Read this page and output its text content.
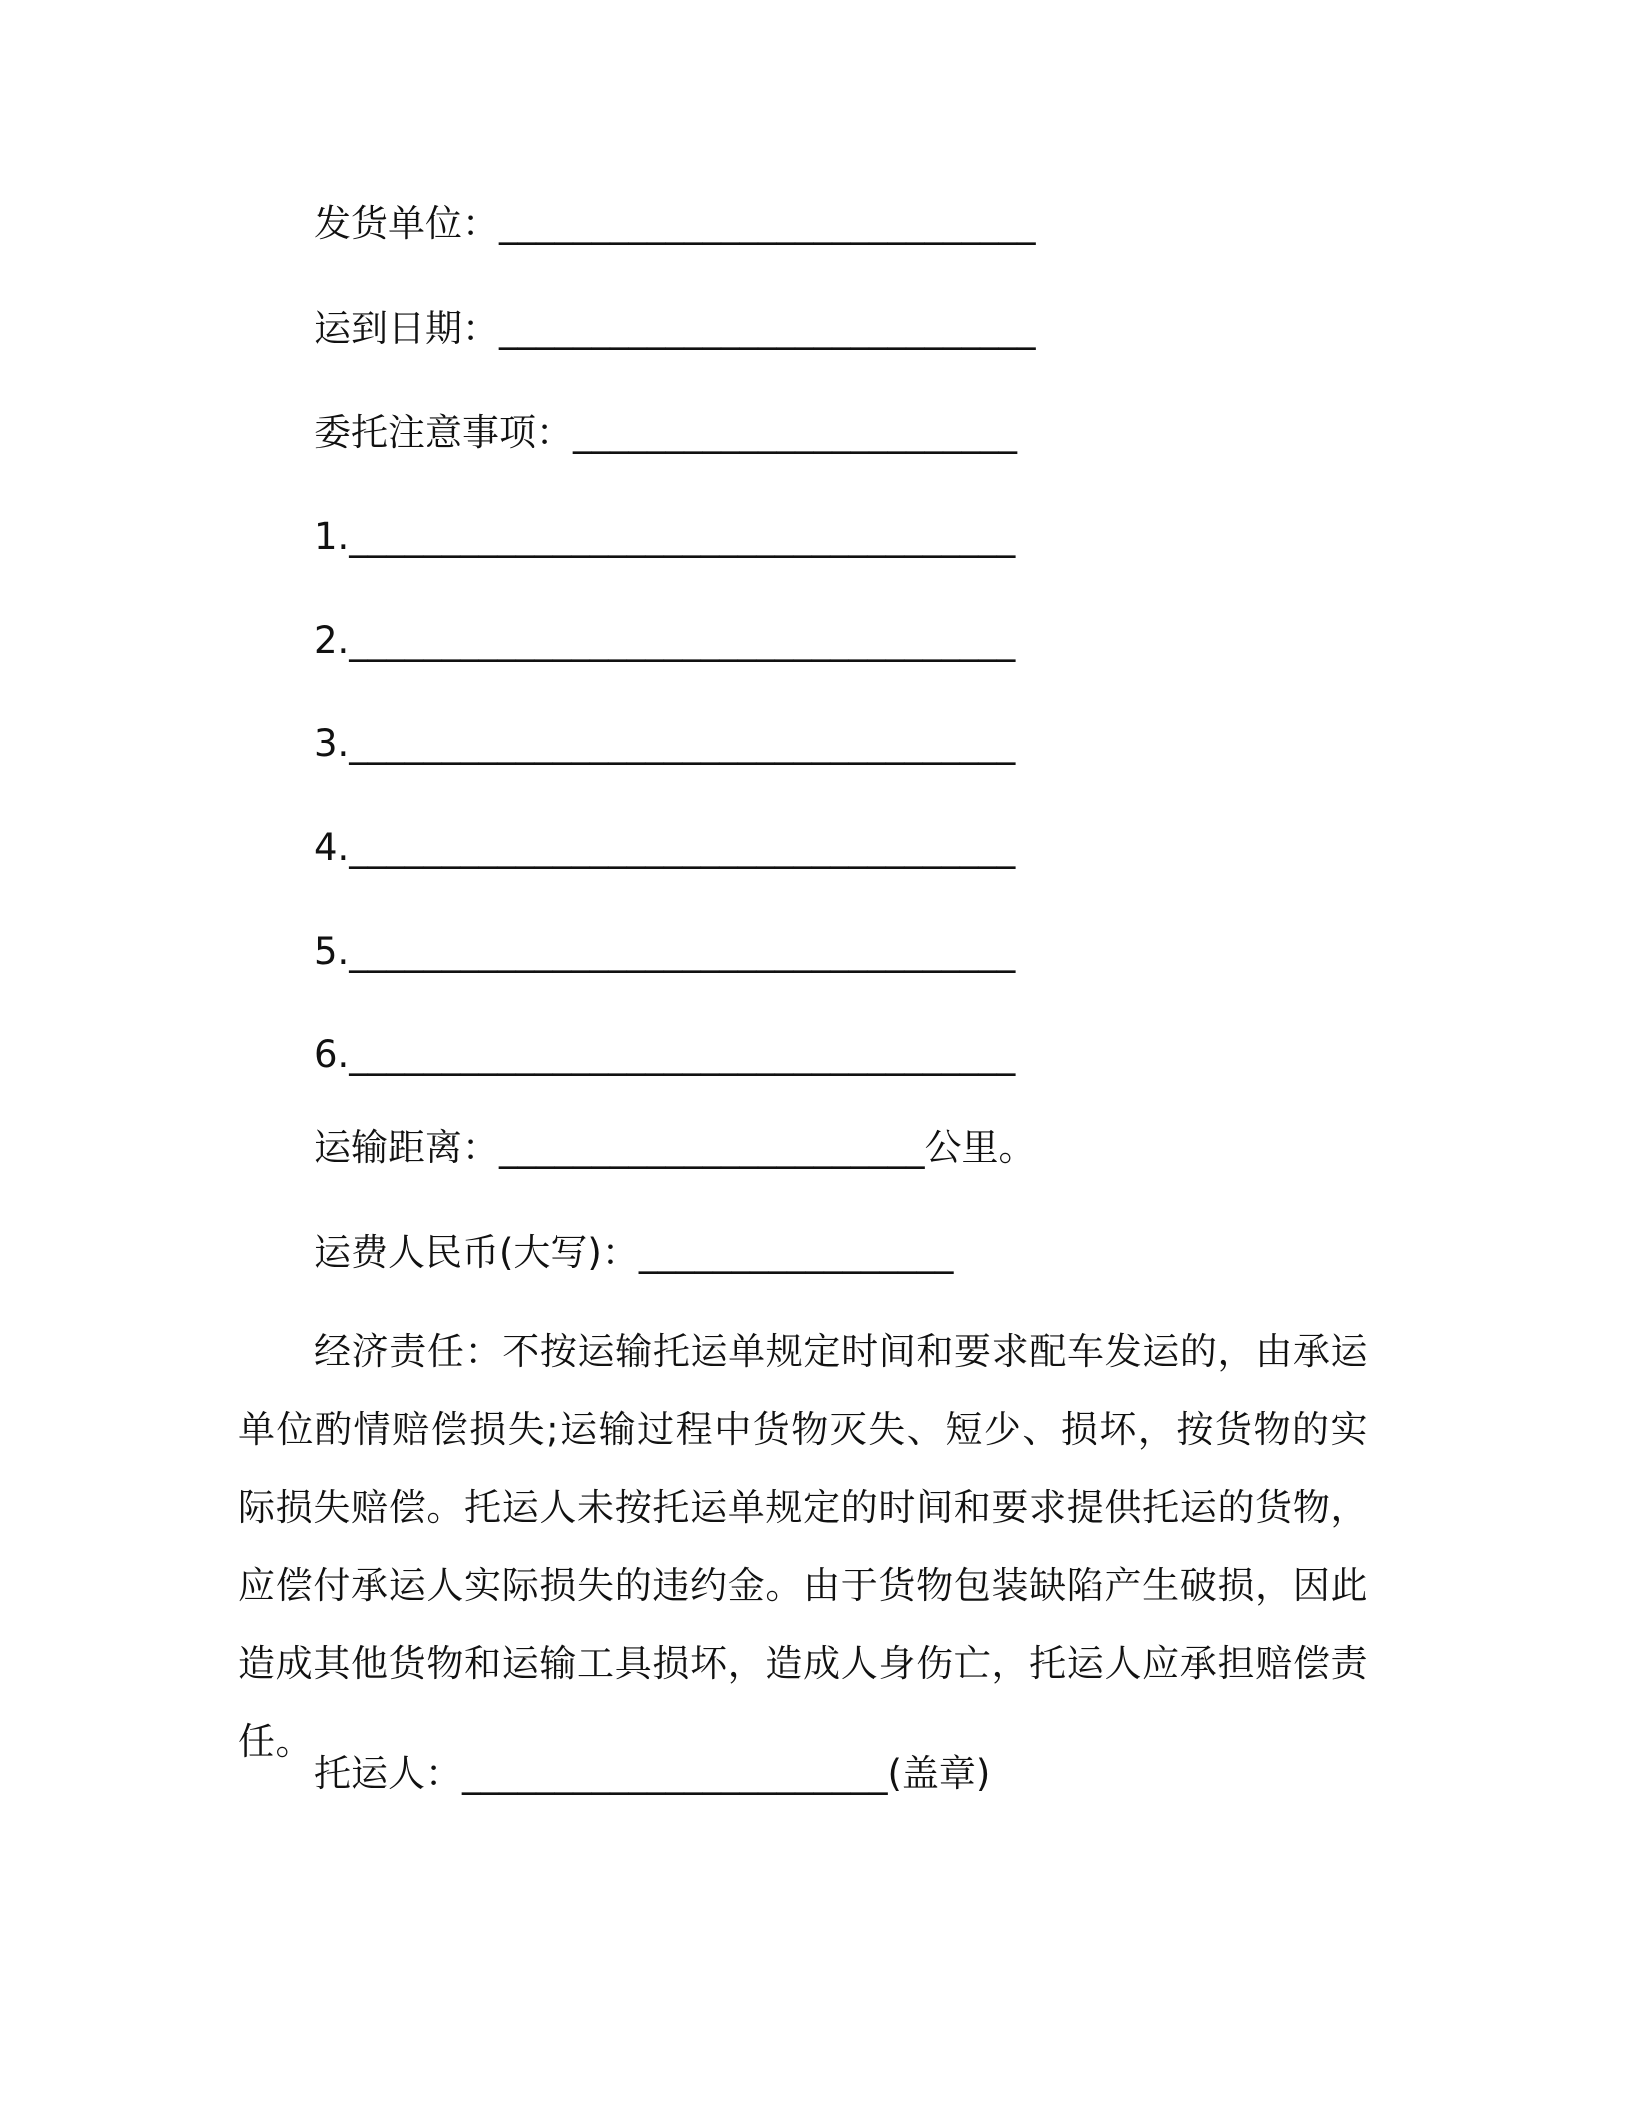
发货单位：_____________________________
运到日期：_____________________________
委托注意事项：________________________
1.____________________________________
2.____________________________________
3.____________________________________
4.____________________________________
5.____________________________________
6.____________________________________
运输距离：_______________________公里。
运费人民币(大写)：_________________
经济责任：不按运输托运单规定时间和要求配车发运的，由承运单位酌情赔偿损失;运输过程中货物灭失、短少、损坏，按货物的实际损失赔偿。托运人未按托运单规定的时间和要求提供托运的货物，应偿付承运人实际损失的违约金。由于货物包装缺陷产生破损，因此造成其他货物和运输工具损坏，造成人身伤亡，托运人应承担赔偿责任。
托运人：_______________________(盖章)
